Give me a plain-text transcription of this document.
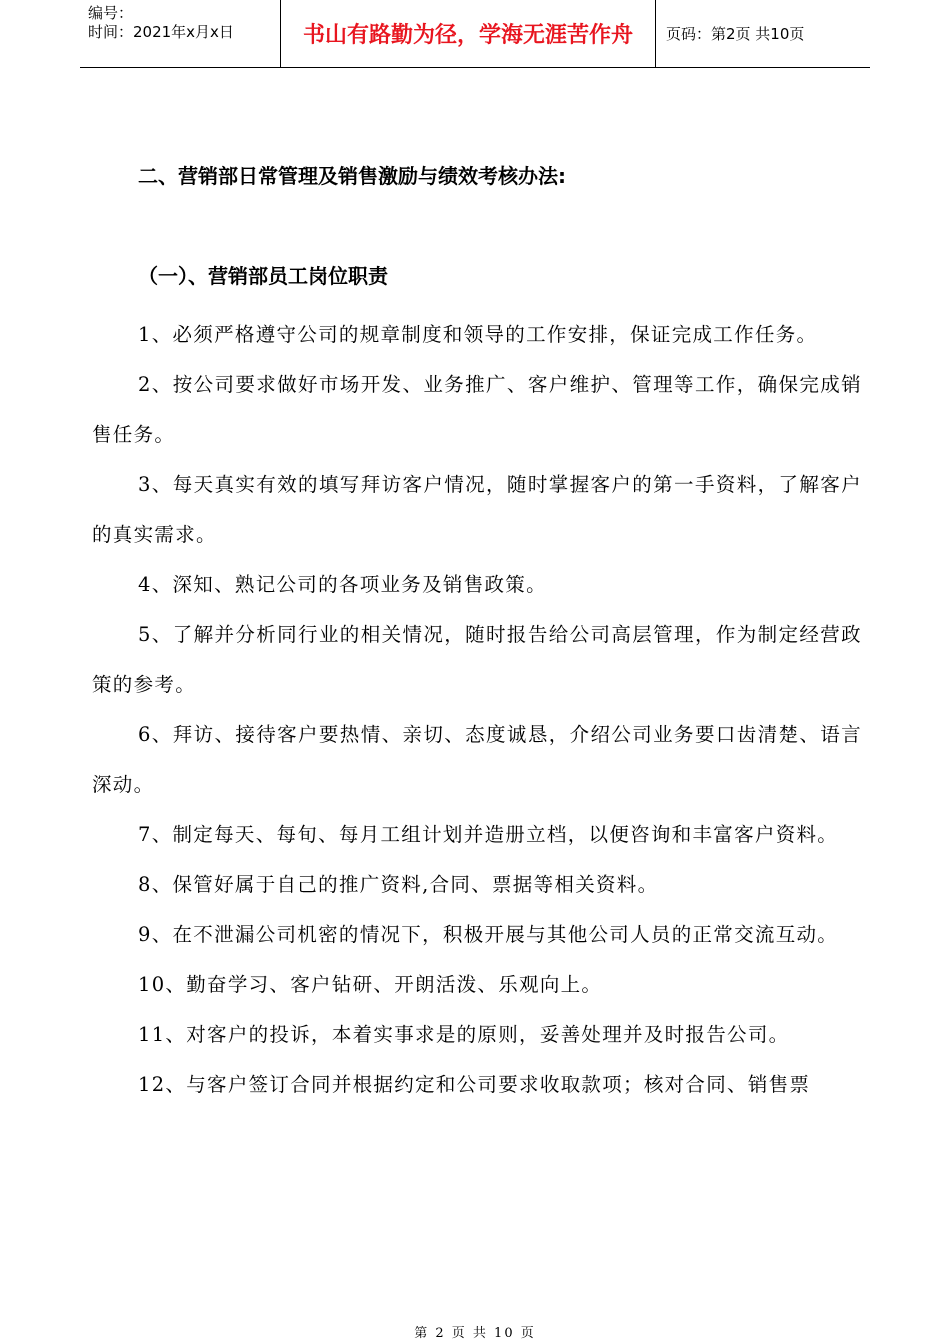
编号：
时间：2021年x月x日	书山有路勤为径，学海无涯苦作舟	页码：第2页 共10页
二、营销部日常管理及销售激励与绩效考核办法:
（一）、营销部员工岗位职责

1、必须严格遵守公司的规章制度和领导的工作安排，保证完成工作任务。

2、按公司要求做好市场开发、业务推广、客户维护、管理等工作，确保完成销售任务。

3、每天真实有效的填写拜访客户情况，随时掌握客户的第一手资料，了解客户的真实需求。

4、深知、熟记公司的各项业务及销售政策。

5、了解并分析同行业的相关情况，随时报告给公司高层管理，作为制定经营政策的参考。

6、拜访、接待客户要热情、亲切、态度诚恳，介绍公司业务要口齿清楚、语言深动。

7、制定每天、每旬、每月工组计划并造册立档，以便咨询和丰富客户资料。

8、保管好属于自己的推广资料,合同、票据等相关资料。

9、在不泄漏公司机密的情况下，积极开展与其他公司人员的正常交流互动。

10、勤奋学习、客户钻研、开朗活泼、乐观向上。

11、对客户的投诉，本着实事求是的原则，妥善处理并及时报告公司。

12、与客户签订合同并根据约定和公司要求收取款项；核对合同、销售票

第 2 页 共 10 页
